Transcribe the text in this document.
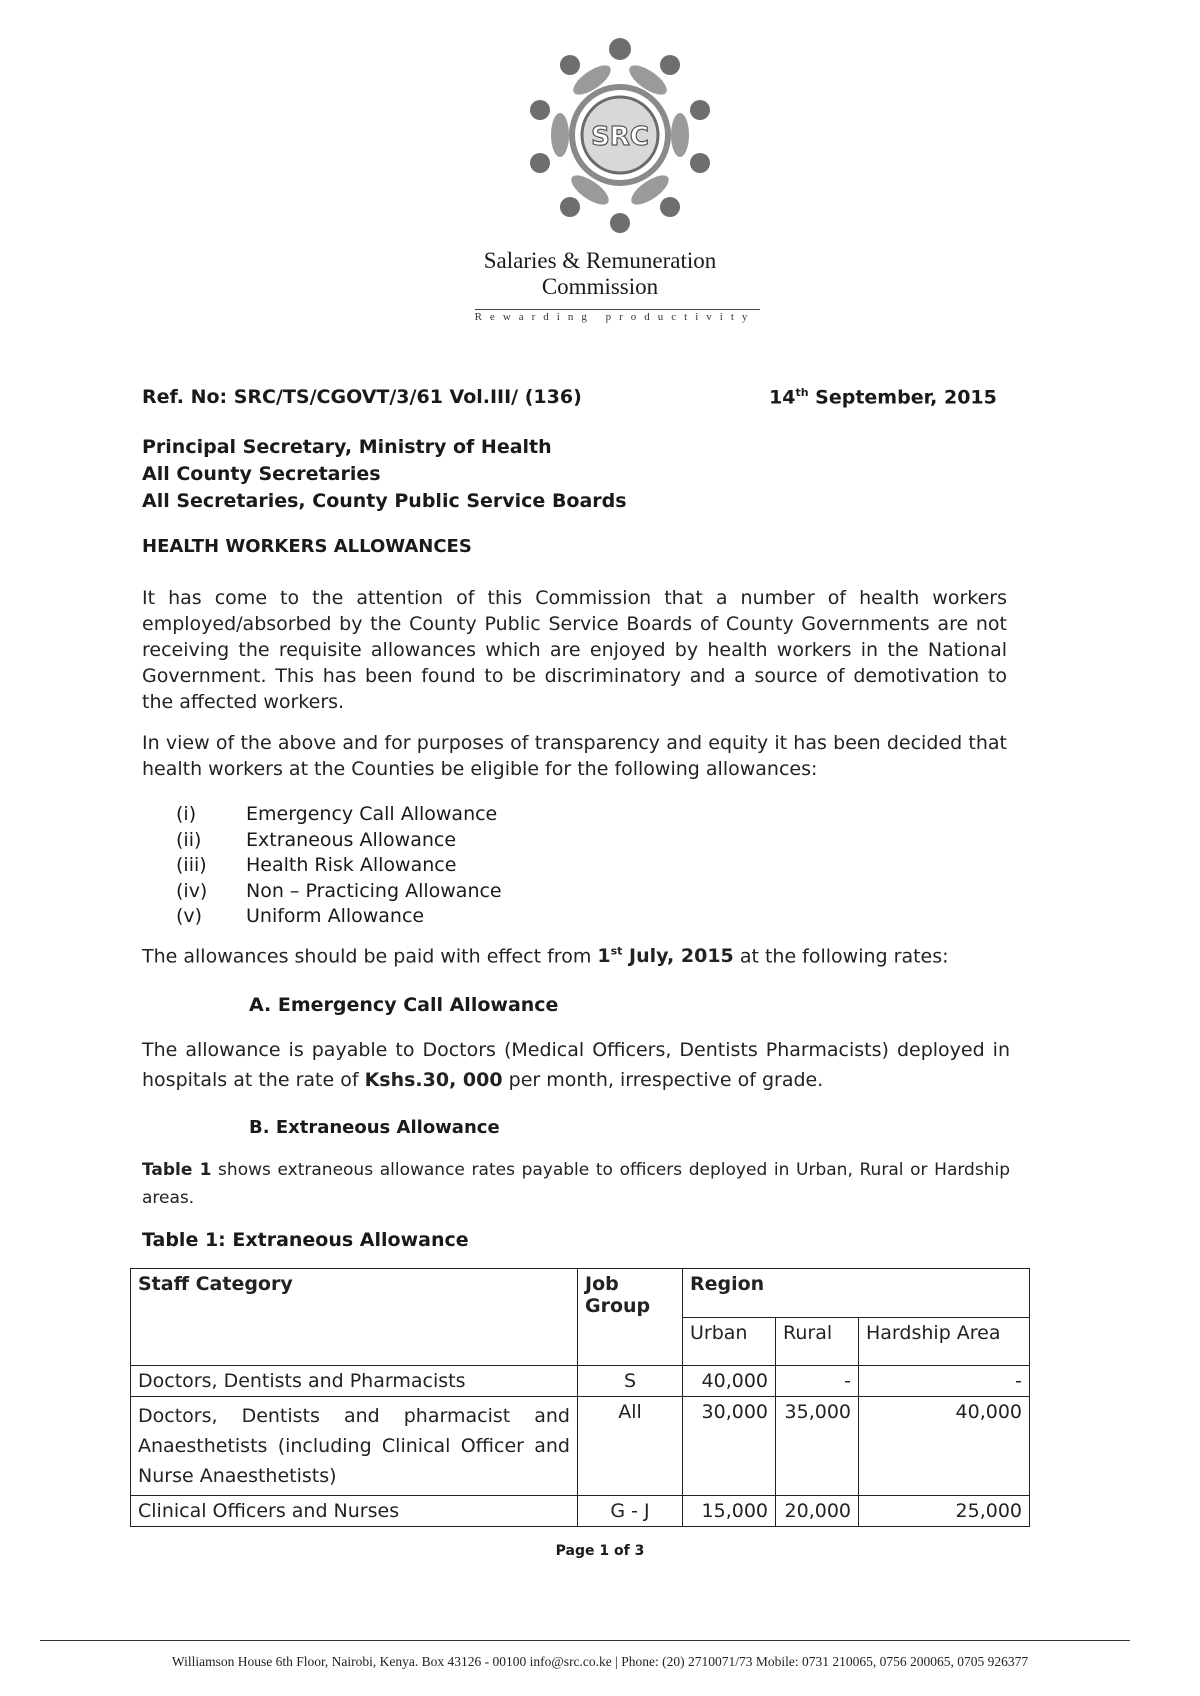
SRC
Salaries & Remuneration
Commission
Rewarding productivity
Ref. No: SRC/TS/CGOVT/3/61 Vol.III/ (136)	14th September, 2015
Principal Secretary, Ministry of Health
All County Secretaries
All Secretaries, County Public Service Boards
HEALTH WORKERS ALLOWANCES
It has come to the attention of this Commission that a number of health workers employed/absorbed by the County Public Service Boards of County Governments are not receiving the requisite allowances which are enjoyed by health workers in the National Government. This has been found to be discriminatory and a source of demotivation to the affected workers.
In view of the above and for purposes of transparency and equity it has been decided that health workers at the Counties be eligible for the following allowances:
(i)	Emergency Call Allowance
(ii)	Extraneous Allowance
(iii)	Health Risk Allowance
(iv)	Non – Practicing Allowance
(v)	Uniform Allowance
The allowances should be paid with effect from 1st July, 2015 at the following rates:
A. Emergency Call Allowance
The allowance is payable to Doctors (Medical Officers, Dentists Pharmacists) deployed in hospitals at the rate of Kshs.30, 000 per month, irrespective of grade.
B. Extraneous Allowance
Table 1 shows extraneous allowance rates payable to officers deployed in Urban, Rural or Hardship areas.
Table 1: Extraneous Allowance
Staff Category	Job Group	Region		
		Urban	Rural	Hardship Area
Doctors, Dentists and Pharmacists	S	40,000	-	-
Doctors, Dentists and pharmacist and Anaesthetists (including Clinical Officer and Nurse Anaesthetists)	All	30,000	35,000	40,000
Clinical Officers and Nurses	G - J	15,000	20,000	25,000
Page 1 of 3
Williamson House 6th Floor, Nairobi, Kenya. Box 43126 - 00100 info@src.co.ke | Phone: (20) 2710071/73 Mobile: 0731 210065, 0756 200065, 0705 926377
